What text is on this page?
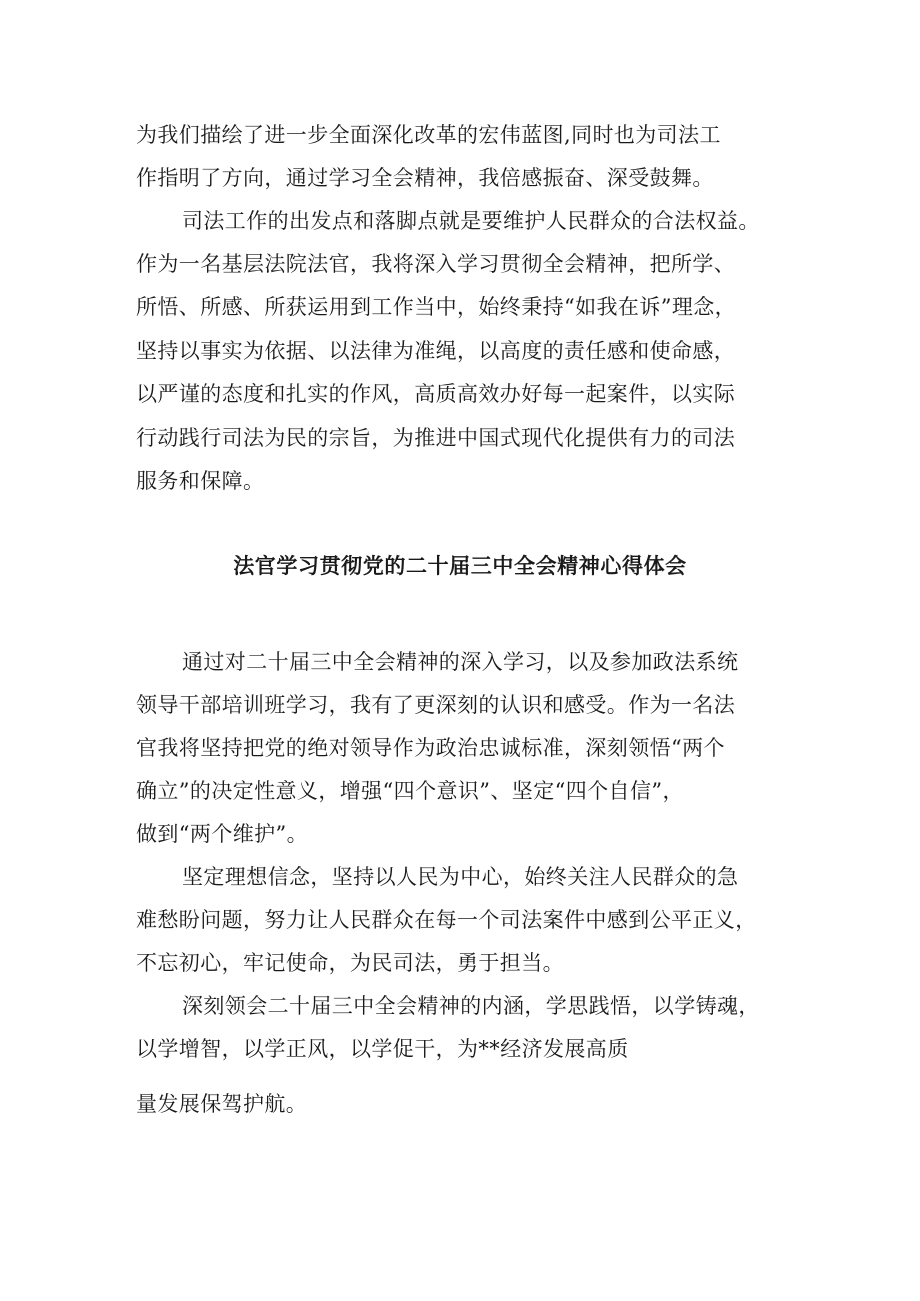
为我们描绘了进一步全面深化改革的宏伟蓝图,同时也为司法工
作指明了方向，通过学习全会精神，我倍感振奋、深受鼓舞。
司法工作的出发点和落脚点就是要维护人民群众的合法权益。
作为一名基层法院法官，我将深入学习贯彻全会精神，把所学、
所悟、所感、所获运用到工作当中，始终秉持“如我在诉”理念，
坚持以事实为依据、以法律为准绳，以高度的责任感和使命感，
以严谨的态度和扎实的作风，高质高效办好每一起案件，以实际
行动践行司法为民的宗旨，为推进中国式现代化提供有力的司法
服务和保障。
法官学习贯彻党的二十届三中全会精神心得体会
通过对二十届三中全会精神的深入学习，以及参加政法系统
领导干部培训班学习，我有了更深刻的认识和感受。作为一名法
官我将坚持把党的绝对领导作为政治忠诚标准，深刻领悟“两个
确立”的决定性意义，增强“四个意识”、坚定“四个自信”，
做到“两个维护”。
坚定理想信念，坚持以人民为中心，始终关注人民群众的急
难愁盼问题，努力让人民群众在每一个司法案件中感到公平正义，
不忘初心，牢记使命，为民司法，勇于担当。
深刻领会二十届三中全会精神的内涵，学思践悟，以学铸魂，
以学增智，以学正风，以学促干，为**经济发展高质
量发展保驾护航。
